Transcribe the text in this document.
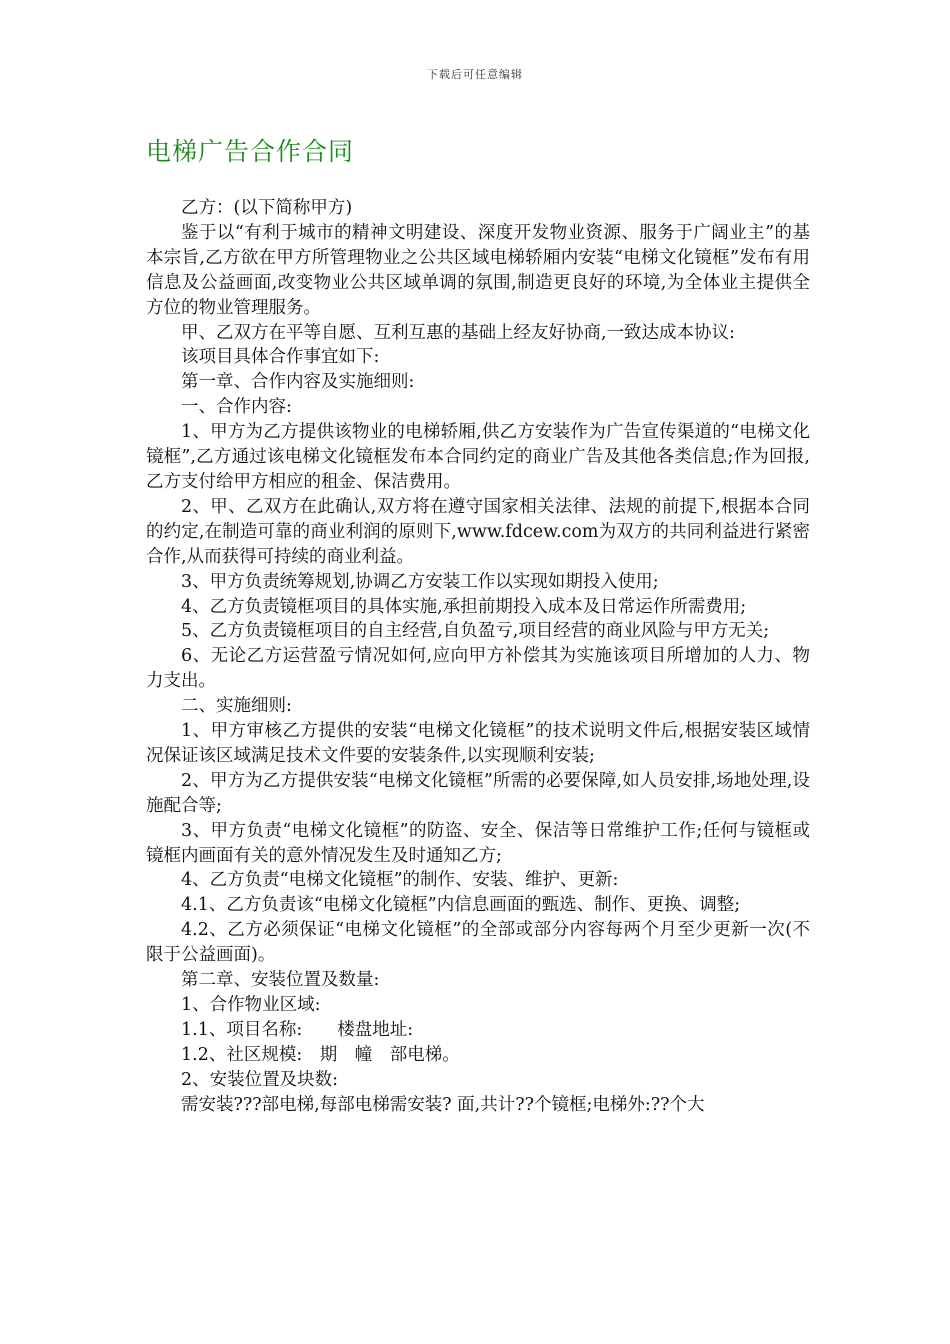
下载后可任意编辑
电梯广告合作合同

乙方：(以下简称甲方)

鉴于以“有利于城市的精神文明建设、深度开发物业资源、服务于广阔业主”的基本宗旨,乙方欲在甲方所管理物业之公共区域电梯轿厢内安装“电梯文化镜框”发布有用信息及公益画面,改变物业公共区域单调的氛围,制造更良好的环境,为全体业主提供全方位的物业管理服务。

甲、乙双方在平等自愿、互利互惠的基础上经友好协商,一致达成本协议:

该项目具体合作事宜如下:

第一章、合作内容及实施细则:

一、合作内容:

1、甲方为乙方提供该物业的电梯轿厢,供乙方安装作为广告宣传渠道的“电梯文化镜框”,乙方通过该电梯文化镜框发布本合同约定的商业广告及其他各类信息;作为回报,乙方支付给甲方相应的租金、保洁费用。

2、甲、乙双方在此确认,双方将在遵守国家相关法律、法规的前提下,根据本合同的约定,在制造可靠的商业利润的原则下,www.fdcew.com为双方的共同利益进行紧密合作,从而获得可持续的商业利益。

3、甲方负责统筹规划,协调乙方安装工作以实现如期投入使用;

4、乙方负责镜框项目的具体实施,承担前期投入成本及日常运作所需费用;

5、乙方负责镜框项目的自主经营,自负盈亏,项目经营的商业风险与甲方无关;

6、无论乙方运营盈亏情况如何,应向甲方补偿其为实施该项目所增加的人力、物力支出。

二、实施细则:

1、甲方审核乙方提供的安装“电梯文化镜框”的技术说明文件后,根据安装区域情况保证该区域满足技术文件要的安装条件,以实现顺利安装;

2、甲方为乙方提供安装“电梯文化镜框”所需的必要保障,如人员安排,场地处理,设施配合等;

3、甲方负责“电梯文化镜框”的防盗、安全、保洁等日常维护工作;任何与镜框或镜框内画面有关的意外情况发生及时通知乙方;

4、乙方负责“电梯文化镜框”的制作、安装、维护、更新:

4.1、乙方负责该“电梯文化镜框”内信息画面的甄选、制作、更换、调整;

4.2、乙方必须保证“电梯文化镜框”的全部或部分内容每两个月至少更新一次(不限于公益画面)。

第二章、安装位置及数量:

1、合作物业区域:

1.1、项目名称:　　楼盘地址:

1.2、社区规模:　期　幢　部电梯。

2、安装位置及块数:

需安装???部电梯,每部电梯需安装? 面,共计??个镜框;电梯外:??个大
